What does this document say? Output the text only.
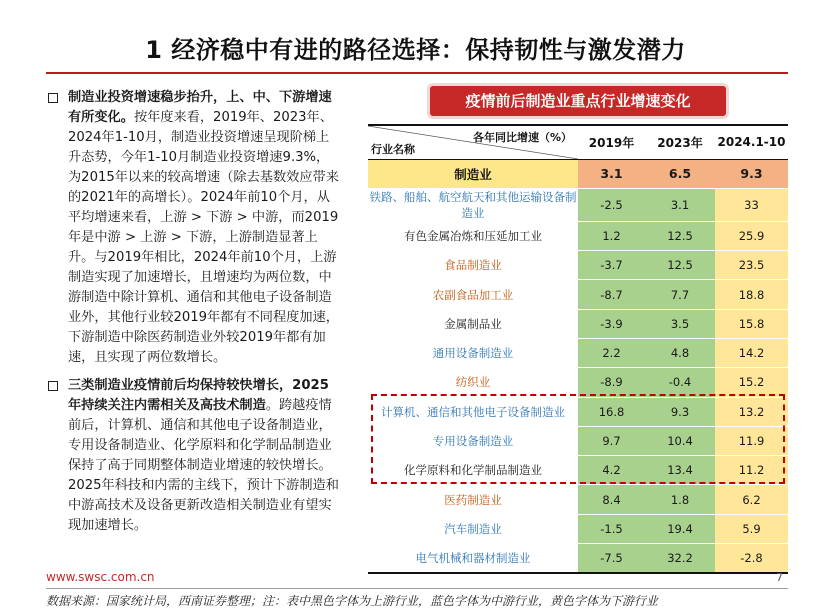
1 经济稳中有进的路径选择：保持韧性与激发潜力
制造业投资增速稳步抬升，上、中、下游增速有所变化。按年度来看，2019年、2023年、2024年1-10月，制造业投资增速呈现阶梯上升态势，今年1-10月制造业投资增速9.3%，为2015年以来的较高增速（除去基数效应带来的2021年的高增长）。2024年前10个月，从平均增速来看，上游 > 下游 > 中游，而2019年是中游 > 上游 > 下游，上游制造显著上升。与2019年相比，2024年前10个月，上游制造实现了加速增长，且增速均为两位数，中游制造中除计算机、通信和其他电子设备制造业外，其他行业较2019年都有不同程度加速，下游制造中除医药制造业外较2019年都有加速，且实现了两位数增长。
三类制造业疫情前后均保持较快增长，2025年持续关注内需相关及高技术制造。跨越疫情前后，计算机、通信和其他电子设备制造业，专用设备制造业、化学原料和化学制品制造业保持了高于同期整体制造业增速的较快增长。2025年科技和内需的主线下，预计下游制造和中游高技术及设备更新改造相关制造业有望实现加速增长。
疫情前后制造业重点行业增速变化
各年同比增速（%）
行业名称	2019年	2023年	2024.1-10
制造业	3.1	6.5	9.3
铁路、船舶、航空航天和其他运输设备制造业	-2.5	3.1	33
有色金属冶炼和压延加工业	1.2	12.5	25.9
食品制造业	-3.7	12.5	23.5
农副食品加工业	-8.7	7.7	18.8
金属制品业	-3.9	3.5	15.8
通用设备制造业	2.2	4.8	14.2
纺织业	-8.9	-0.4	15.2
计算机、通信和其他电子设备制造业	16.8	9.3	13.2
专用设备制造业	9.7	10.4	11.9
化学原料和化学制品制造业	4.2	13.4	11.2
医药制造业	8.4	1.8	6.2
汽车制造业	-1.5	19.4	5.9
电气机械和器材制造业	-7.5	32.2	-2.8
www.swsc.com.cn	7
数据来源：国家统计局，西南证券整理；注：表中黑色字体为上游行业，蓝色字体为中游行业，黄色字体为下游行业
